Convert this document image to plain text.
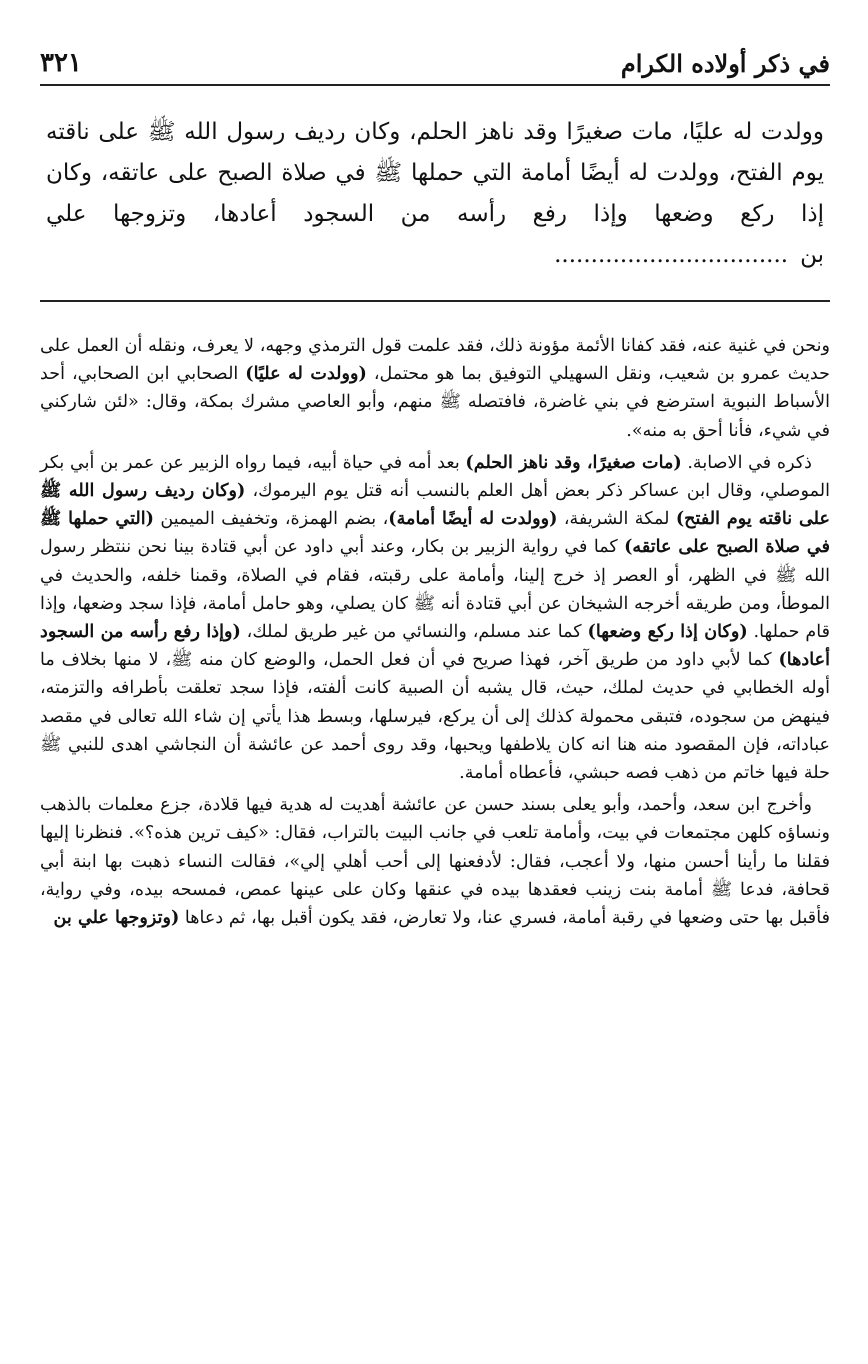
في ذكر أولاده الكرام
٣٢١
وولدت له عليًا، مات صغيرًا وقد ناهز الحلم، وكان رديف رسول الله ﷺ على ناقته يوم الفتح، وولدت له أيضًا أمامة التي حملها ﷺ في صلاة الصبح على عاتقه، وكان إذا ركع وضعها وإذا رفع رأسه من السجود أعادها، وتزوجها علي بن................................

ونحن في غنية عنه، فقد كفانا الأئمة مؤونة ذلك، فقد علمت قول الترمذي وجهه، لا يعرف، ونقله أن العمل على حديث عمرو بن شعيب، ونقل السهيلي التوفيق بما هو محتمل، (وولدت له عليًا) الصحابي ابن الصحابي، أحد الأسباط النبوية استرضع في بني غاضرة، فافتصله ﷺ منهم، وأبو العاصي مشرك بمكة، وقال: «لئن شاركني في شيء، فأنا أحق به منه».

ذكره في الاصابة. (مات صغيرًا، وقد ناهز الحلم) بعد أمه في حياة أبيه، فيما رواه الزبير عن عمر بن أبي بكر الموصلي، وقال ابن عساكر ذكر بعض أهل العلم بالنسب أنه قتل يوم اليرموك، (وكان رديف رسول الله ﷺ على ناقته يوم الفتح) لمكة الشريفة، (وولدت له أيضًا أمامة)، بضم الهمزة، وتخفيف الميمين (التي حملها ﷺ في صلاة الصبح على عاتقه) كما في رواية الزبير بن بكار، وعند أبي داود عن أبي قتادة بينا نحن ننتظر رسول الله ﷺ في الظهر، أو العصر إذ خرج إلينا، وأمامة على رقبته، فقام في الصلاة، وقمنا خلفه، والحديث في الموطأ، ومن طريقه أخرجه الشيخان عن أبي قتادة أنه ﷺ كان يصلي، وهو حامل أمامة، فإذا سجد وضعها، وإذا قام حملها. (وكان إذا ركع وضعها) كما عند مسلم، والنسائي من غير طريق لملك، (وإذا رفع رأسه من السجود أعادها) كما لأبي داود من طريق آخر، فهذا صريح في أن فعل الحمل، والوضع كان منه ﷺ، لا منها بخلاف ما أوله الخطابي في حديث لملك، حيث، قال يشبه أن الصبية كانت ألفته، فإذا سجد تعلقت بأطرافه والتزمته، فينهض من سجوده، فتبقى محمولة كذلك إلى أن يركع، فيرسلها، وبسط هذا يأتي إن شاء الله تعالى في مقصد عباداته، فإن المقصود منه هنا انه كان يلاطفها ويحبها، وقد روى أحمد عن عائشة أن النجاشي اهدى للنبي ﷺ حلة فيها خاتم من ذهب فصه حبشي، فأعطاه أمامة.

وأخرج ابن سعد، وأحمد، وأبو يعلى بسند حسن عن عائشة أهديت له هدية فيها قلادة، جزع معلمات بالذهب ونساؤه كلهن مجتمعات في بيت، وأمامة تلعب في جانب البيت بالتراب، فقال: «كيف ترين هذه؟». فنظرنا إليها فقلنا ما رأينا أحسن منها، ولا أعجب، فقال: لأدفعنها إلى أحب أهلي إلي»، فقالت النساء ذهبت بها ابنة أبي قحافة، فدعا ﷺ أمامة بنت زينب فعقدها بيده في عنقها وكان على عينها عمص، فمسحه بيده، وفي رواية، فأقبل بها حتى وضعها في رقبة أمامة، فسري عنا، ولا تعارض، فقد يكون أقبل بها، ثم دعاها (وتزوجها علي بن
